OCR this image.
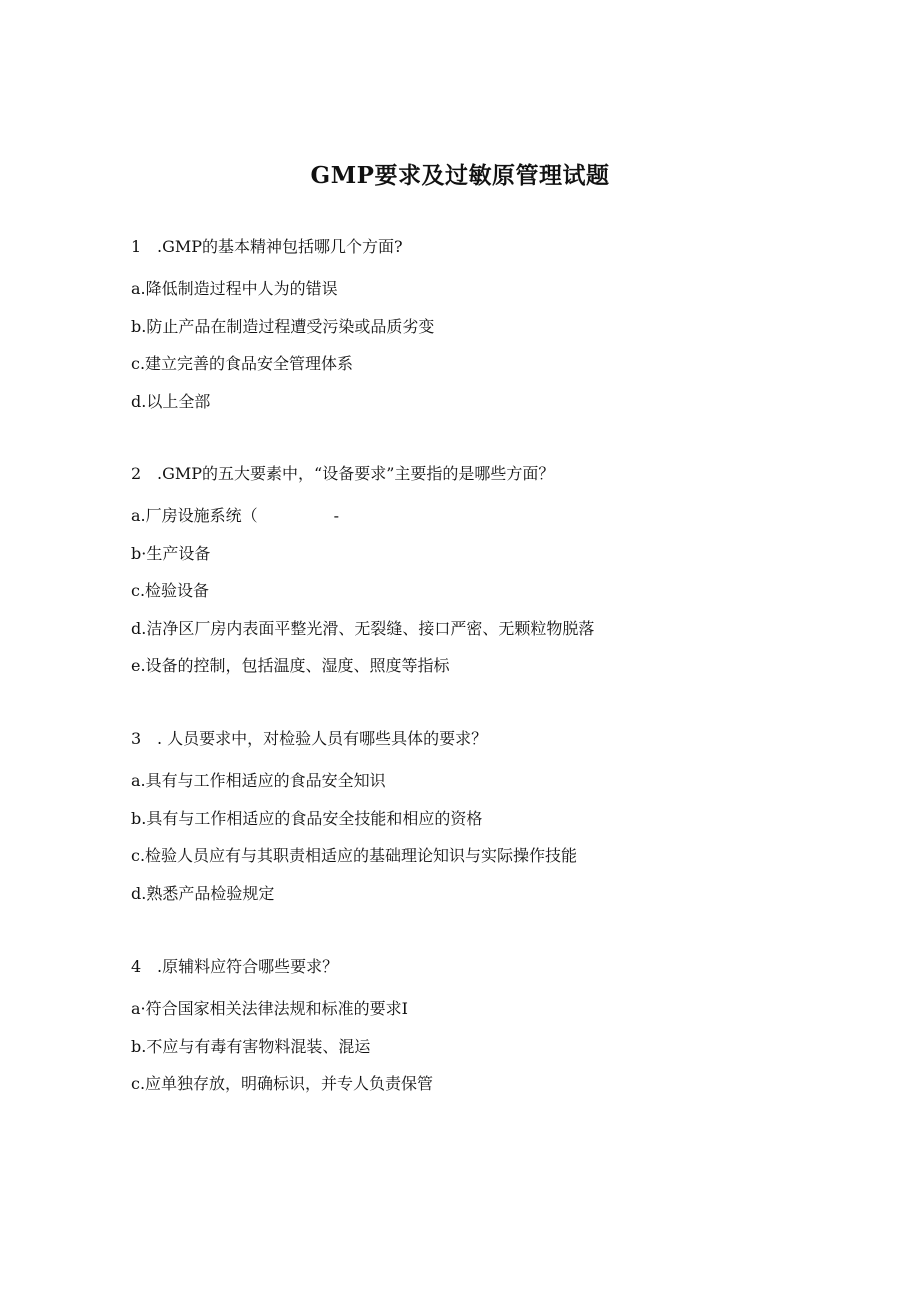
GMP要求及过敏原管理试题
1 .GMP的基本精神包括哪几个方面?
a.降低制造过程中人为的错误
b.防止产品在制造过程遭受污染或品质劣变
c.建立完善的食品安全管理体系
d.以上全部
2 .GMP的五大要素中，“设备要求”主要指的是哪些方面？
a.厂房设施系统（	-
b·生产设备
c.检验设备
d.洁净区厂房内表面平整光滑、无裂缝、接口严密、无颗粒物脱落
e.设备的控制，包括温度、湿度、照度等指标
3 . 人员要求中，对检验人员有哪些具体的要求？
a.具有与工作相适应的食品安全知识
b.具有与工作相适应的食品安全技能和相应的资格
c.检验人员应有与其职责相适应的基础理论知识与实际操作技能
d.熟悉产品检验规定
4 .原辅料应符合哪些要求？
a·符合国家相关法律法规和标准的要求I
b.不应与有毒有害物料混装、混运
c.应单独存放，明确标识，并专人负责保管
